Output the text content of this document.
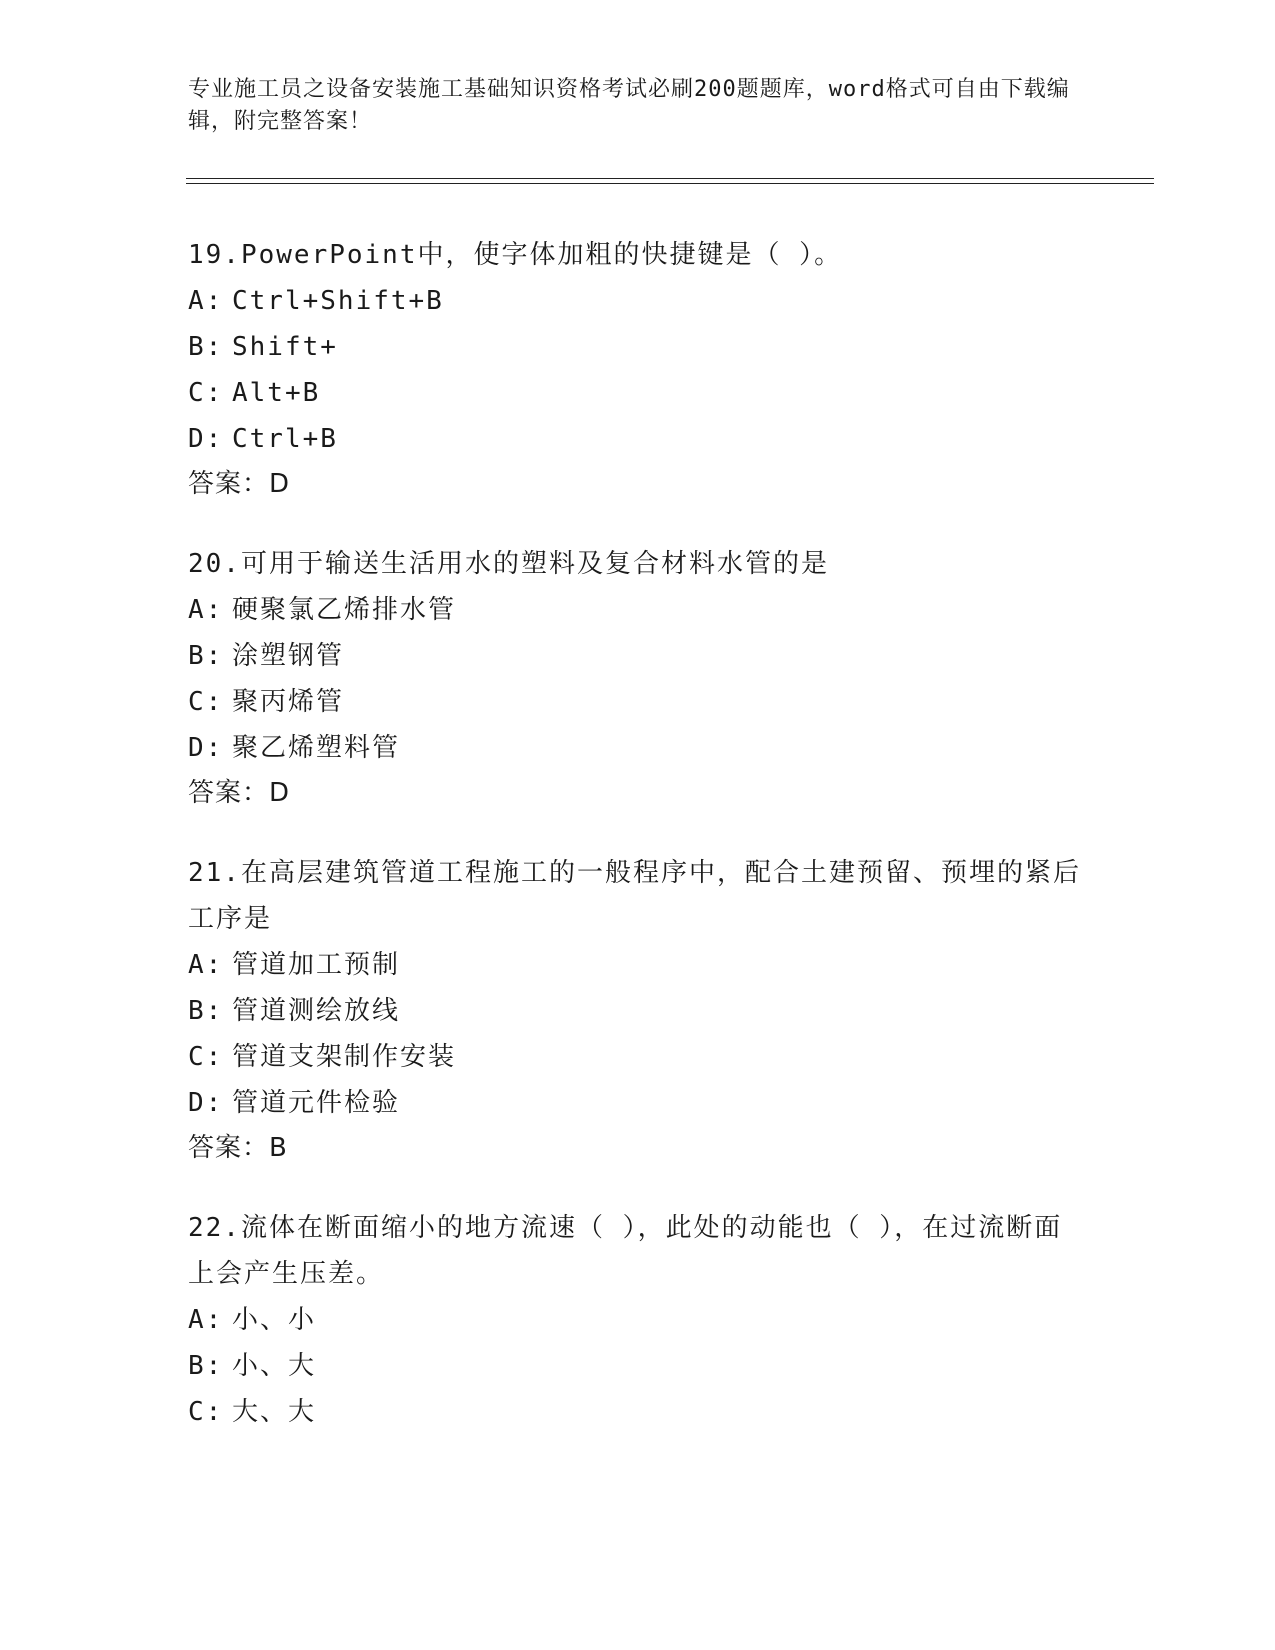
专业施工员之设备安装施工基础知识资格考试必刷200题题库，word格式可自由下载编辑，附完整答案！
19.PowerPoint中，使字体加粗的快捷键是（ ）。
A: Ctrl+Shift+B
B: Shift+
C: Alt+B
D: Ctrl+B
答案：D
20.可用于输送生活用水的塑料及复合材料水管的是
A: 硬聚氯乙烯排水管
B: 涂塑钢管
C: 聚丙烯管
D: 聚乙烯塑料管
答案：D
21.在高层建筑管道工程施工的一般程序中，配合土建预留、预埋的紧后工序是
A: 管道加工预制
B: 管道测绘放线
C: 管道支架制作安装
D: 管道元件检验
答案：B
22.流体在断面缩小的地方流速（ ），此处的动能也（ ），在过流断面上会产生压差。
A: 小、小
B: 小、大
C: 大、大
